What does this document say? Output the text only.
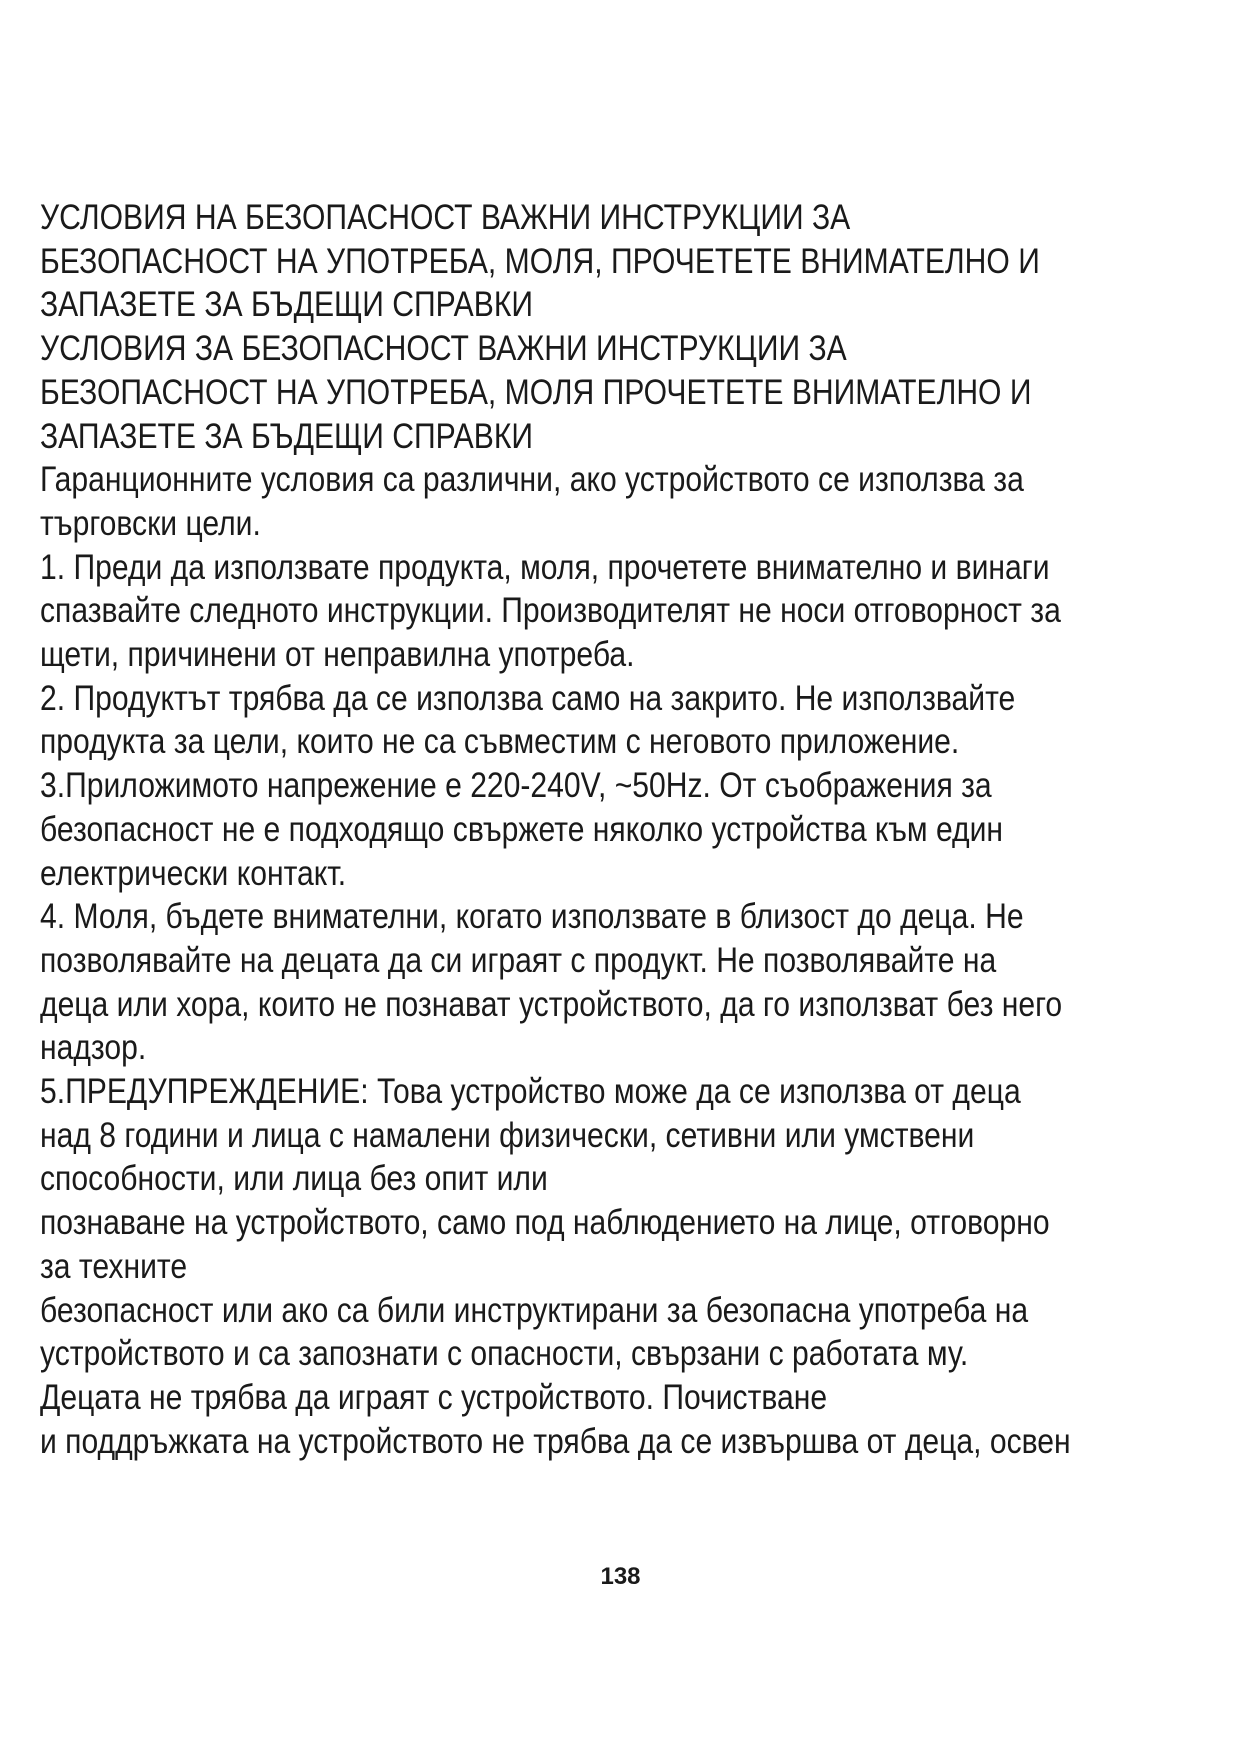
УСЛОВИЯ НА БЕЗОПАСНОСТ ВАЖНИ ИНСТРУКЦИИ ЗА
БЕЗОПАСНОСТ НА УПОТРЕБА, МОЛЯ, ПРОЧЕТЕТЕ ВНИМАТЕЛНО И
ЗАПАЗЕТЕ ЗА БЪДЕЩИ СПРАВКИ
УСЛОВИЯ ЗА БЕЗОПАСНОСТ ВАЖНИ ИНСТРУКЦИИ ЗА
БЕЗОПАСНОСТ НА УПОТРЕБА, МОЛЯ ПРОЧЕТЕТЕ ВНИМАТЕЛНО И
ЗАПАЗЕТЕ ЗА БЪДЕЩИ СПРАВКИ
Гаранционните условия са различни, ако устройството се използва за
търговски цели.
1. Преди да използвате продукта, моля, прочетете внимателно и винаги
спазвайте следното инструкции. Производителят не носи отговорност за
щети, причинени от неправилна употреба.
2. Продуктът трябва да се използва само на закрито. Не използвайте
продукта за цели, които не са съвместим с неговото приложение.
3.Приложимото напрежение е 220-240V, ~50Hz. От съображения за
безопасност не е подходящо свържете няколко устройства към един
електрически контакт.
4. Моля, бъдете внимателни, когато използвате в близост до деца. Не
позволявайте на децата да си играят с продукт. Не позволявайте на
деца или хора, които не познават устройството, да го използват без него
надзор.
5.ПРЕДУПРЕЖДЕНИЕ: Това устройство може да се използва от деца
над 8 години и лица с намалени физически, сетивни или умствени
способности, или лица без опит или
познаване на устройството, само под наблюдението на лице, отговорно
за техните
безопасност или ако са били инструктирани за безопасна употреба на
устройството и са запознати с опасности, свързани с работата му.
Децата не трябва да играят с устройството. Почистване
и поддръжката на устройството не трябва да се извършва от деца, освен
138
